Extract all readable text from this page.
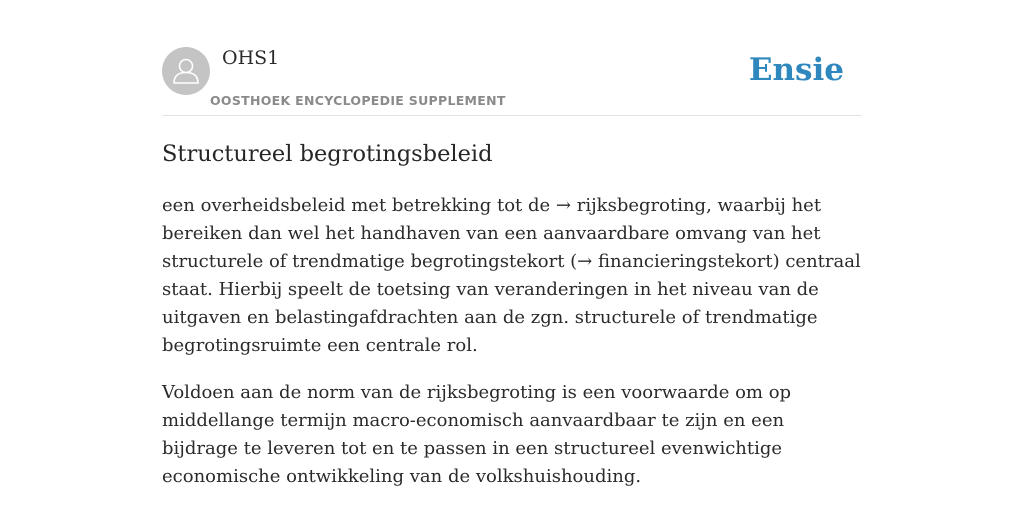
OHS1
OOSTHOEK ENCYCLOPEDIE SUPPLEMENT
Ensie
Structureel begrotingsbeleid

een overheidsbeleid met betrekking tot de → rijksbegroting, waarbij het bereiken dan wel het handhaven van een aanvaardbare omvang van het structurele of trendmatige begrotingstekort (→ financieringstekort) centraal staat. Hierbij speelt de toetsing van veranderingen in het niveau van de uitgaven en belastingafdrachten aan de zgn. structurele of trendmatige begrotingsruimte een centrale rol.

Voldoen aan de norm van de rijksbegroting is een voorwaarde om op middellange termijn macro-economisch aanvaardbaar te zijn en een bijdrage te leveren tot en te passen in een structureel evenwichtige economische ontwikkeling van de volkshuishouding.
